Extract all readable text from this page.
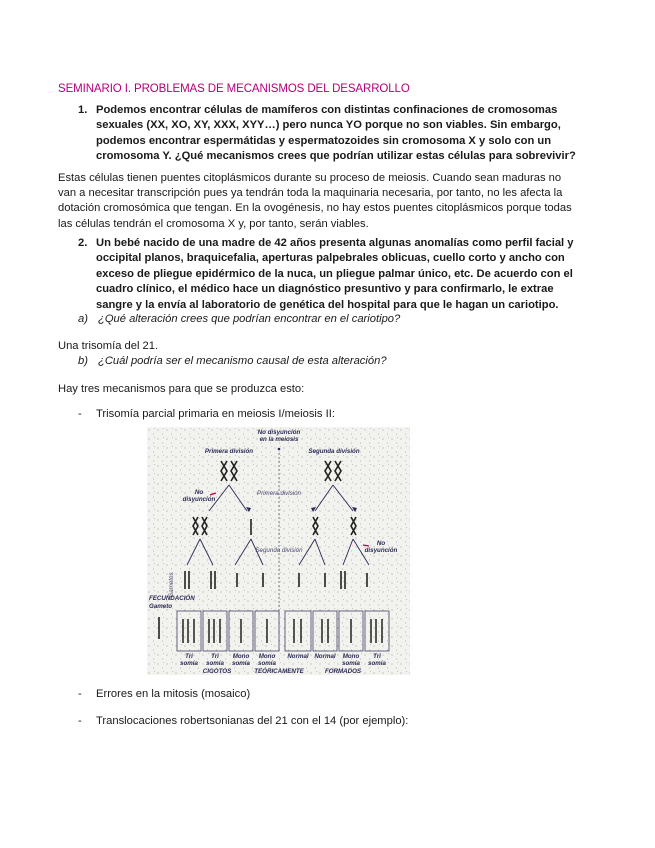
SEMINARIO I. PROBLEMAS DE MECANISMOS DEL DESARROLLO
1. Podemos encontrar células de mamíferos con distintas confinaciones de cromosomas
sexuales (XX, XO, XY, XXX, XYY…) pero nunca YO porque no son viables. Sin embargo,
podemos encontrar espermátidas y espermatozoides sin cromosoma X y solo con un
cromosoma Y. ¿Qué mecanismos crees que podrían utilizar estas células para sobrevivir?
Estas células tienen puentes citoplásmicos durante su proceso de meiosis. Cuando sean maduras no
van a necesitar transcripción pues ya tendrán toda la maquinaria necesaria, por tanto, no les afecta la
dotación cromosómica que tengan. En la ovogénesis, no hay estos puentes citoplásmicos porque todas
las células tendrán el cromosoma X y, por tanto, serán viables.
2. Un bebé nacido de una madre de 42 años presenta algunas anomalías como perfil facial y
occipital planos, braquicefalia, aperturas palpebrales oblicuas, cuello corto y ancho con
exceso de pliegue epidérmico de la nuca, un pliegue palmar único, etc. De acuerdo con el
cuadro clínico, el médico hace un diagnóstico presuntivo y para confirmarlo, le extrae
sangre y la envía al laboratorio de genética del hospital para que le hagan un cariotipo.
a) ¿Qué alteración crees que podrían encontrar en el cariotipo?
Una trisomía del 21.
b) ¿Cuál podría ser el mecanismo causal de esta alteración?
Hay tres mecanismos para que se produzca esto:
- Trisomía parcial primaria en meiosis I/meiosis II:
No disyunción
en la meiosis
Primera división	Segunda división
Primera división
No
disyunción
Segunda división
No
disyunción
Gametos
FECUNDACIÓN
Gameto
Tri
somía
Tri
somía
Mono
somía
Mono
somía
Normal Normal Mono
somía
Tri
somía
CIGOTOS	TEÓRICAMENTE	FORMADOS
- Errores en la mitosis (mosaico)
- Translocaciones robertsonianas del 21 con el 14 (por ejemplo):
